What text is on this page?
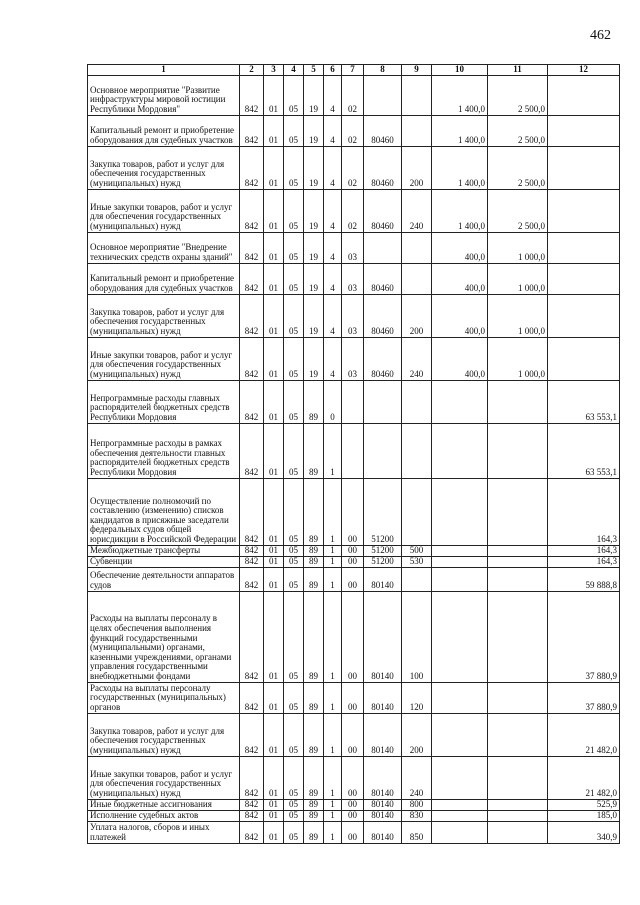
462
1	2	3	4	5	6	7	8	9	10	11	12
Основное мероприятие "Развитие инфраструктуры мировой юстиции Республики Мордовия"	842	01	05	19	4	02			1 400,0	2 500,0	
Капитальный ремонт и приобретение оборудования для судебных участков	842	01	05	19	4	02	80460		1 400,0	2 500,0	
Закупка товаров, работ и услуг для обеспечения государственных (муниципальных) нужд	842	01	05	19	4	02	80460	200	1 400,0	2 500,0	
Иные закупки товаров, работ и услуг для обеспечения государственных (муниципальных) нужд	842	01	05	19	4	02	80460	240	1 400,0	2 500,0	
Основное мероприятие "Внедрение технических средств охраны зданий"	842	01	05	19	4	03			400,0	1 000,0	
Капитальный ремонт и приобретение оборудования для судебных участков	842	01	05	19	4	03	80460		400,0	1 000,0	
Закупка товаров, работ и услуг для обеспечения государственных (муниципальных) нужд	842	01	05	19	4	03	80460	200	400,0	1 000,0	
Иные закупки товаров, работ и услуг для обеспечения государственных (муниципальных) нужд	842	01	05	19	4	03	80460	240	400,0	1 000,0	
Непрограммные расходы главных распорядителей бюджетных средств Республики Мордовия	842	01	05	89	0						63 553,1
Непрограммные расходы в рамках обеспечения деятельности главных распорядителей бюджетных средств Республики Мордовия	842	01	05	89	1						63 553,1
Осуществление полномочий по составлению (изменению) списков кандидатов в присяжные заседатели федеральных судов общей юрисдикции в Российской Федерации	842	01	05	89	1	00	51200				164,3
Межбюджетные трансферты	842	01	05	89	1	00	51200	500			164,3
Субвенции	842	01	05	89	1	00	51200	530			164,3
Обеспечение деятельности аппаратов судов	842	01	05	89	1	00	80140				59 888,8
Расходы на выплаты персоналу в целях обеспечения выполнения функций государственными (муниципальными) органами, казенными учреждениями, органами управления государственными внебюджетными фондами	842	01	05	89	1	00	80140	100			37 880,9
Расходы на выплаты персоналу государственных (муниципальных) органов	842	01	05	89	1	00	80140	120			37 880,9
Закупка товаров, работ и услуг для обеспечения государственных (муниципальных) нужд	842	01	05	89	1	00	80140	200			21 482,0
Иные закупки товаров, работ и услуг для обеспечения государственных (муниципальных) нужд	842	01	05	89	1	00	80140	240			21 482,0
Иные бюджетные ассигнования	842	01	05	89	1	00	80140	800			525,9
Исполнение судебных актов	842	01	05	89	1	00	80140	830			185,0
Уплата налогов, сборов и иных платежей	842	01	05	89	1	00	80140	850			340,9
